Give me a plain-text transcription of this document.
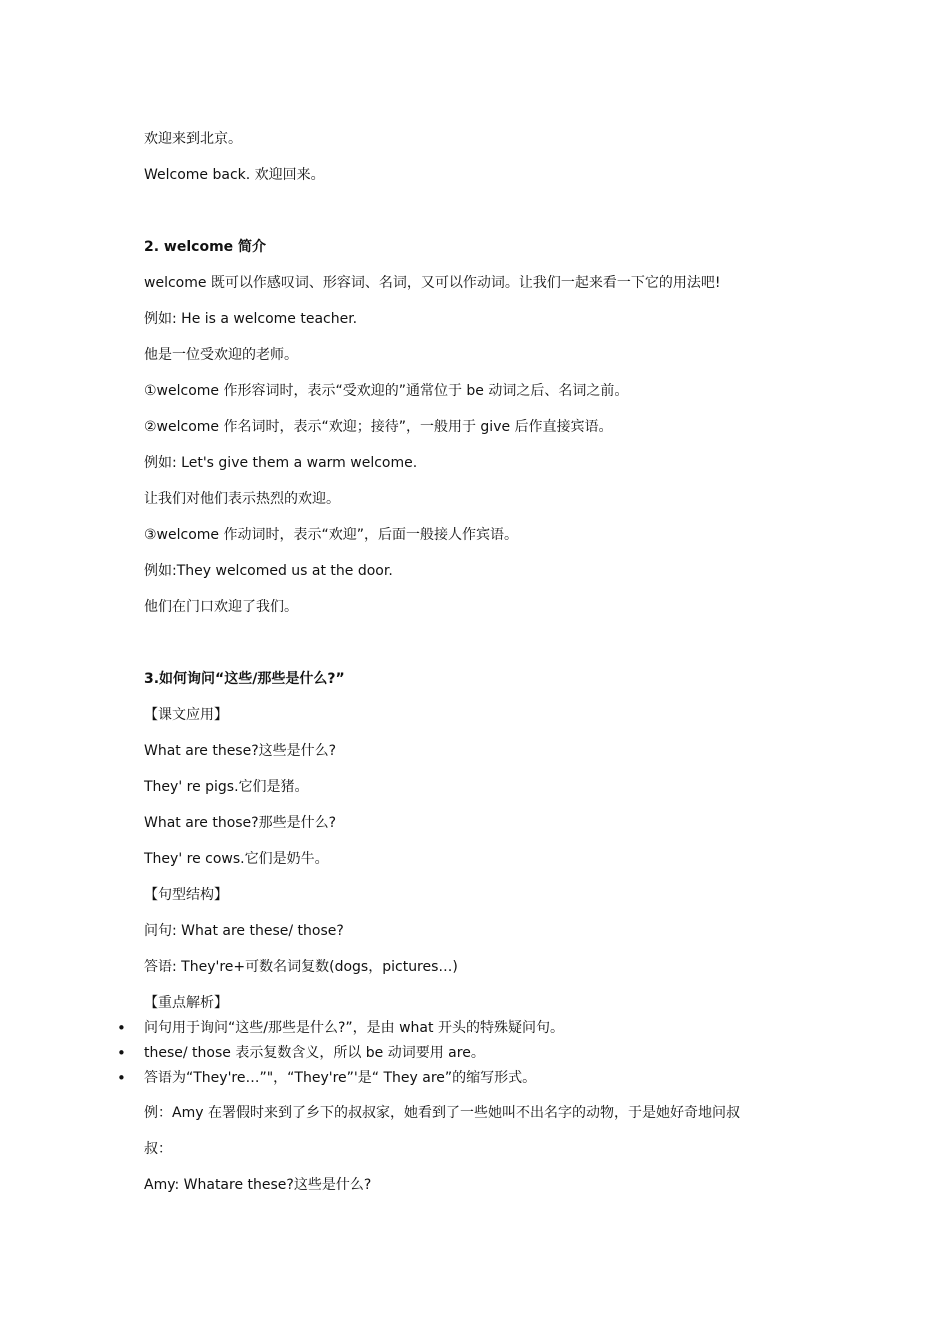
欢迎来到北京。
Welcome back. 欢迎回来。
2. welcome 简介
welcome 既可以作感叹词、形容词、名词，又可以作动词。让我们一起来看一下它的用法吧!
例如: He is a welcome teacher.
他是一位受欢迎的老师。
①welcome 作形容词时，表示“受欢迎的”通常位于 be 动词之后、名词之前。
②welcome 作名词时，表示“欢迎；接待”，一般用于 give 后作直接宾语。
例如: Let's give them a warm welcome.
让我们对他们表示热烈的欢迎。
③welcome 作动词时，表示“欢迎”，后面一般接人作宾语。
例如:They welcomed us at the door.
他们在门口欢迎了我们。
3.如何询问“这些/那些是什么?”
【课文应用】
What are these?这些是什么?
They' re pigs.它们是猪。
What are those?那些是什么?
They' re cows.它们是奶牛。
【句型结构】
问句: What are these/ those?
答语: They're+可数名词复数(dogs，pictures…)
【重点解析】
• 问句用于询问“这些/那些是什么?”，是由 what 开头的特殊疑问句。
• these/ those 表示复数含义，所以 be 动词要用 are。
• 答语为“They're…”"，“They're”'是“ They are”的缩写形式。
例：Amy 在署假时来到了乡下的叔叔家，她看到了一些她叫不出名字的动物，于是她好奇地问叔
叔：
Amy: Whatare these?这些是什么?
